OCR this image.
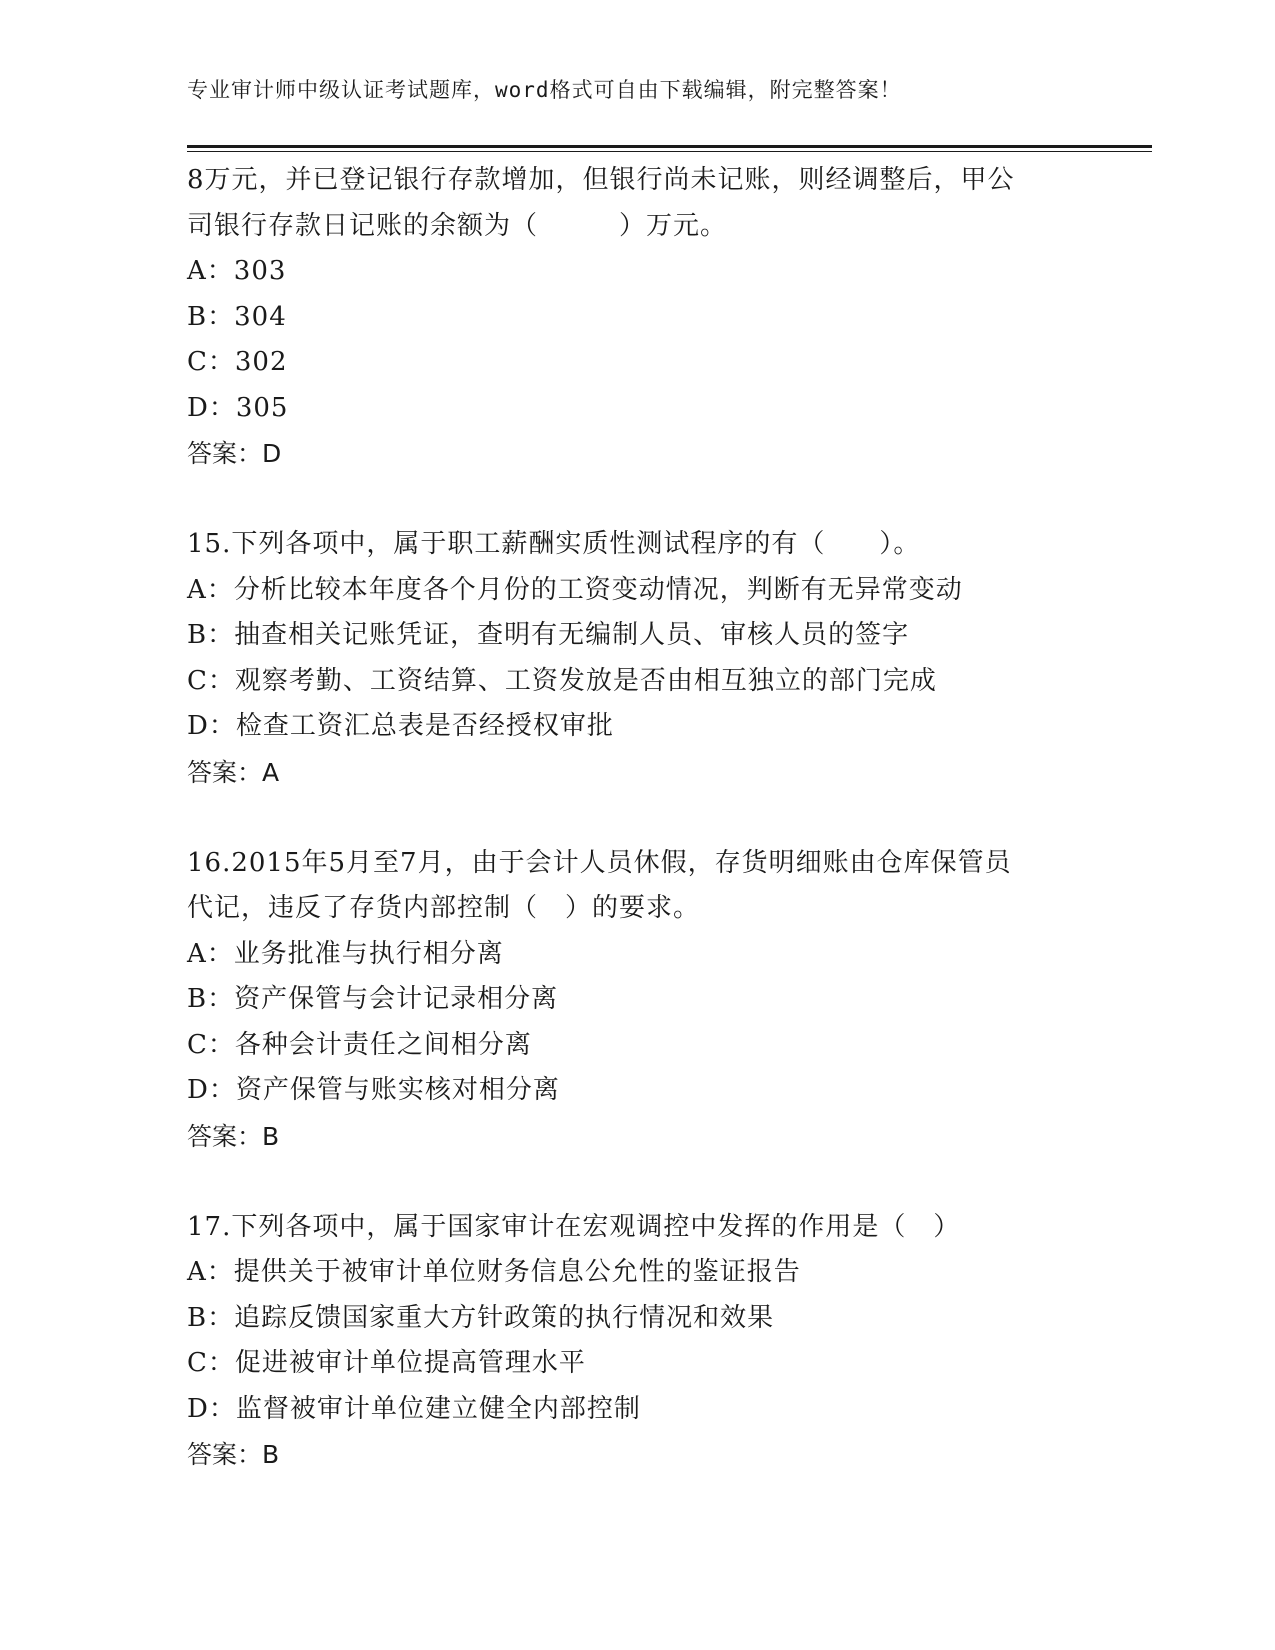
专业审计师中级认证考试题库，word格式可自由下载编辑，附完整答案！
8万元，并已登记银行存款增加，但银行尚未记账，则经调整后，甲公
司银行存款日记账的余额为（　　　）万元。
A：303
B：304
C：302
D：305
答案：D
15.下列各项中，属于职工薪酬实质性测试程序的有（　　）。
A：分析比较本年度各个月份的工资变动情况，判断有无异常变动
B：抽查相关记账凭证，查明有无编制人员、审核人员的签字
C：观察考勤、工资结算、工资发放是否由相互独立的部门完成
D：检查工资汇总表是否经授权审批
答案：A
16.2015年5月至7月，由于会计人员休假，存货明细账由仓库保管员
代记，违反了存货内部控制（　）的要求。
A：业务批准与执行相分离
B：资产保管与会计记录相分离
C：各种会计责任之间相分离
D：资产保管与账实核对相分离
答案：B
17.下列各项中，属于国家审计在宏观调控中发挥的作用是（　）
A：提供关于被审计单位财务信息公允性的鉴证报告
B：追踪反馈国家重大方针政策的执行情况和效果
C：促进被审计单位提高管理水平
D：监督被审计单位建立健全内部控制
答案：B
